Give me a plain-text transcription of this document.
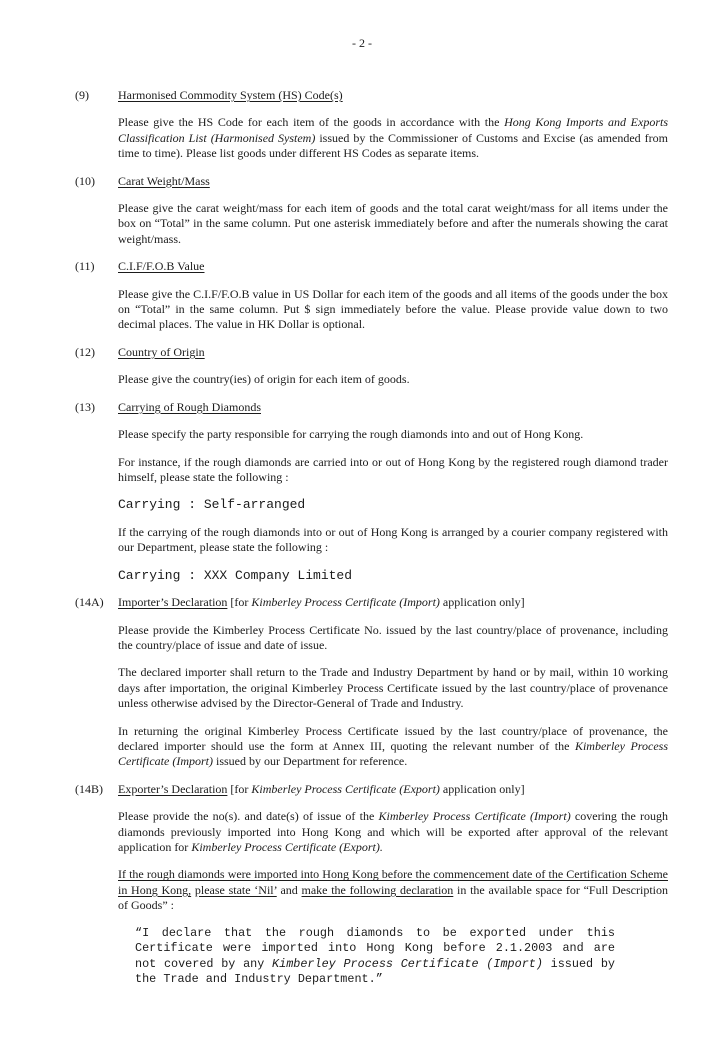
- 2 -
(9)	Harmonised Commodity System (HS) Code(s)
Please give the HS Code for each item of the goods in accordance with the Hong Kong Imports and Exports Classification List (Harmonised System) issued by the Commissioner of Customs and Excise (as amended from time to time). Please list goods under different HS Codes as separate items.
(10)	Carat Weight/Mass
Please give the carat weight/mass for each item of goods and the total carat weight/mass for all items under the box on “Total” in the same column. Put one asterisk immediately before and after the numerals showing the carat weight/mass.
(11)	C.I.F/F.O.B Value
Please give the C.I.F/F.O.B value in US Dollar for each item of the goods and all items of the goods under the box on “Total” in the same column. Put $ sign immediately before the value. Please provide value down to two decimal places. The value in HK Dollar is optional.
(12)	Country of Origin
Please give the country(ies) of origin for each item of goods.
(13)	Carrying of Rough Diamonds
Please specify the party responsible for carrying the rough diamonds into and out of Hong Kong.
For instance, if the rough diamonds are carried into or out of Hong Kong by the registered rough diamond trader himself, please state the following :
Carrying : Self-arranged
If the carrying of the rough diamonds into or out of Hong Kong is arranged by a courier company registered with our Department, please state the following :
Carrying : XXX Company Limited
(14A)	Importer’s Declaration [for Kimberley Process Certificate (Import) application only]
Please provide the Kimberley Process Certificate No. issued by the last country/place of provenance, including the country/place of issue and date of issue.
The declared importer shall return to the Trade and Industry Department by hand or by mail, within 10 working days after importation, the original Kimberley Process Certificate issued by the last country/place of provenance unless otherwise advised by the Director-General of Trade and Industry.
In returning the original Kimberley Process Certificate issued by the last country/place of provenance, the declared importer should use the form at Annex III, quoting the relevant number of the Kimberley Process Certificate (Import) issued by our Department for reference.
(14B)	Exporter’s Declaration [for Kimberley Process Certificate (Export) application only]
Please provide the no(s). and date(s) of issue of the Kimberley Process Certificate (Import) covering the rough diamonds previously imported into Hong Kong and which will be exported after approval of the relevant application for Kimberley Process Certificate (Export).
If the rough diamonds were imported into Hong Kong before the commencement date of the Certification Scheme in Hong Kong, please state ‘Nil’ and make the following declaration in the available space for “Full Description of Goods” :
“I declare that the rough diamonds to be exported under this
Certificate were imported into Hong Kong before 2.1.2003 and are
not covered by any Kimberley Process Certificate (Import) issued by
the Trade and Industry Department.”
